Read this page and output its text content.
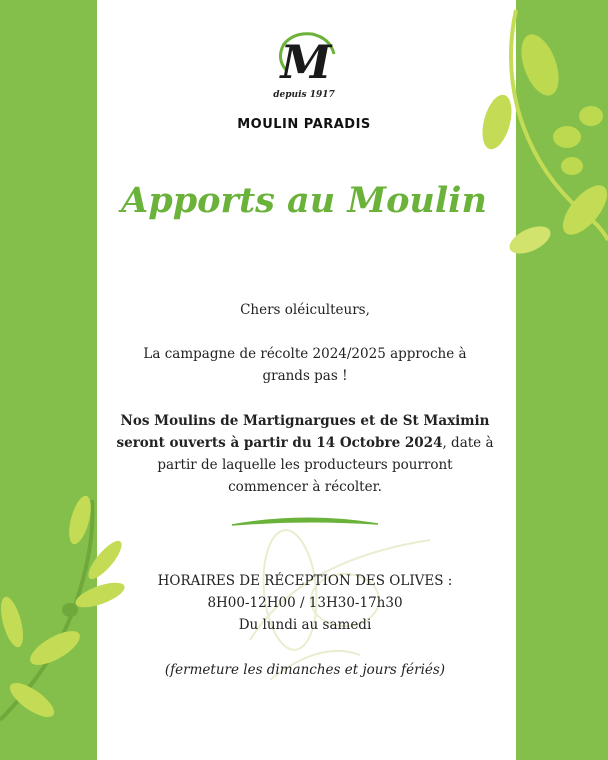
M
depuis 1917
MOULIN PARADIS
Apports au Moulin
Chers oléiculteurs,
La campagne de récolte 2024/2025 approche à
grands pas !
Nos Moulins de Martignargues et de St Maximin
seront ouverts à partir du 14 Octobre 2024, date à
partir de laquelle les producteurs pourront
commencer à récolter.
HORAIRES DE RÉCEPTION DES OLIVES :
8H00-12H00 / 13H30-17h30
Du lundi au samedi
(fermeture les dimanches et jours fériés)
